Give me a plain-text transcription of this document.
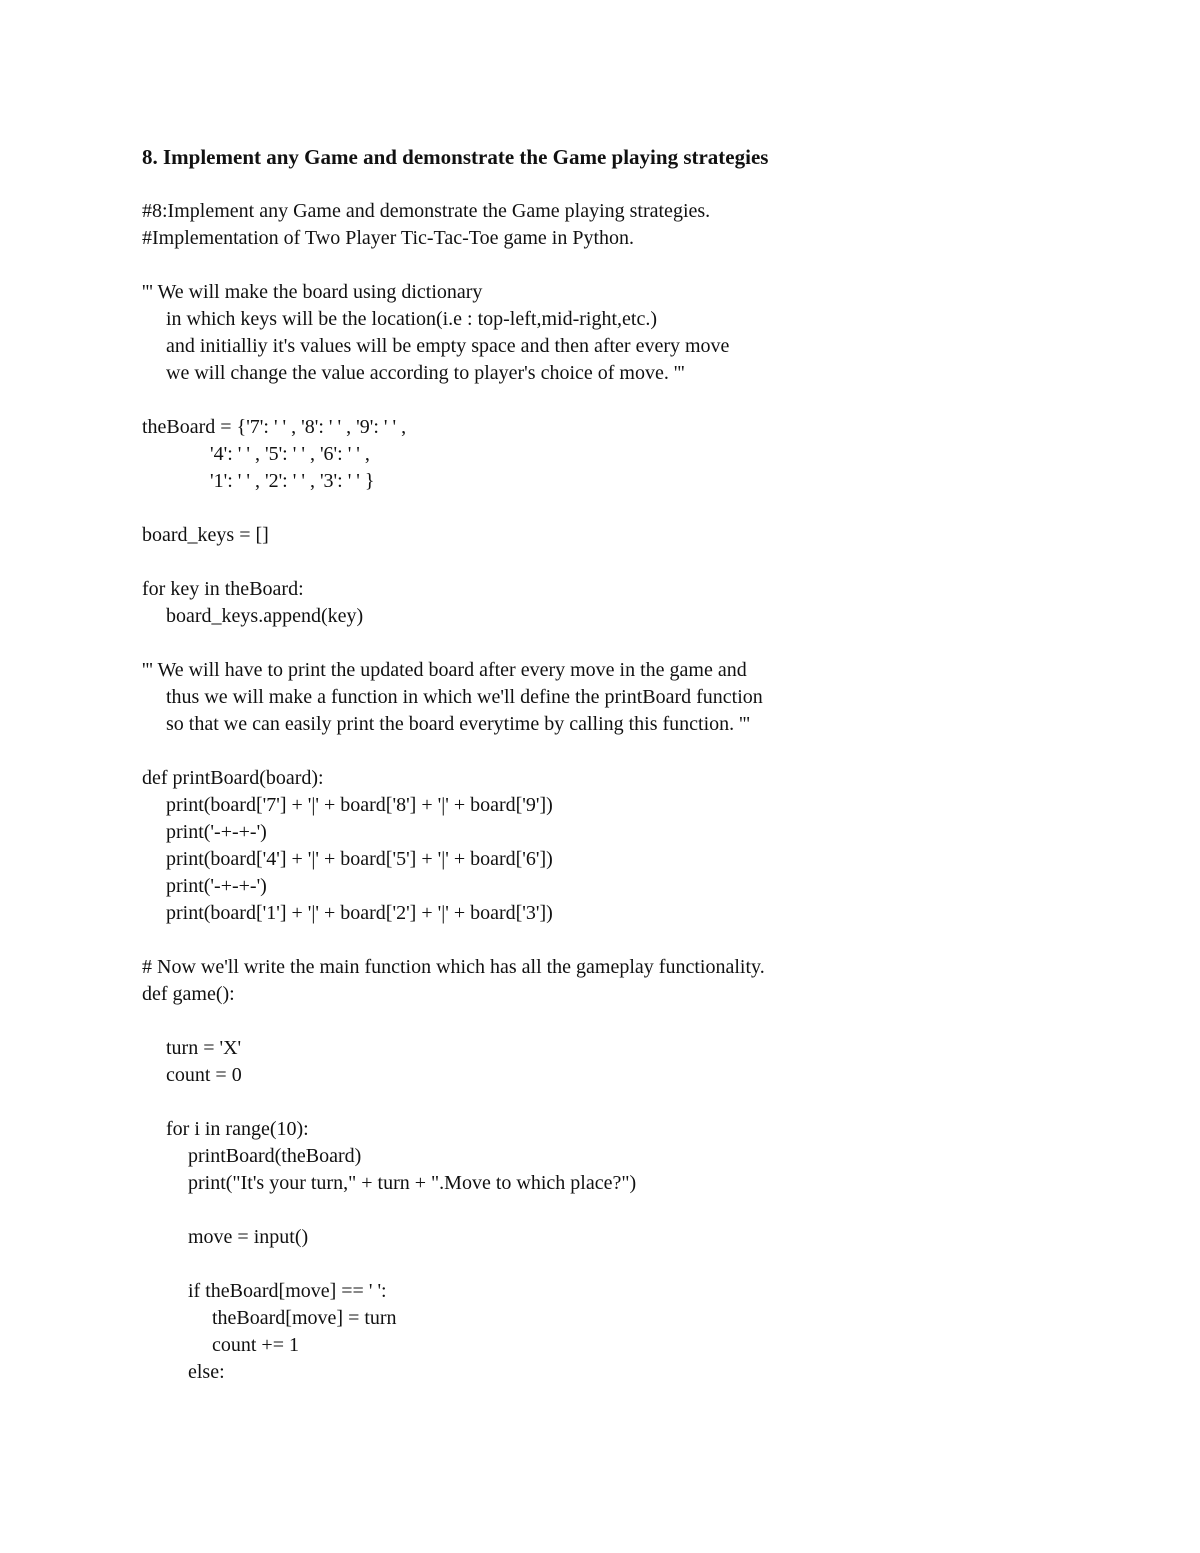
8. Implement any Game and demonstrate the Game playing strategies
#8:Implement any Game and demonstrate the Game playing strategies.
#Implementation of Two Player Tic-Tac-Toe game in Python.
''' We will make the board using dictionary
in which keys will be the location(i.e : top-left,mid-right,etc.)
and initialliy it's values will be empty space and then after every move
we will change the value according to player's choice of move. '''
theBoard = {'7': ' ' , '8': ' ' , '9': ' ' ,
'4': ' ' , '5': ' ' , '6': ' ' ,
'1': ' ' , '2': ' ' , '3': ' ' }
board_keys = []
for key in theBoard:
board_keys.append(key)
''' We will have to print the updated board after every move in the game and
thus we will make a function in which we'll define the printBoard function
so that we can easily print the board everytime by calling this function. '''
def printBoard(board):
print(board['7'] + '|' + board['8'] + '|' + board['9'])
print('-+-+-')
print(board['4'] + '|' + board['5'] + '|' + board['6'])
print('-+-+-')
print(board['1'] + '|' + board['2'] + '|' + board['3'])
# Now we'll write the main function which has all the gameplay functionality.
def game():
turn = 'X'
count = 0
for i in range(10):
printBoard(theBoard)
print("It's your turn," + turn + ".Move to which place?")
move = input()
if theBoard[move] == ' ':
theBoard[move] = turn
count += 1
else:
